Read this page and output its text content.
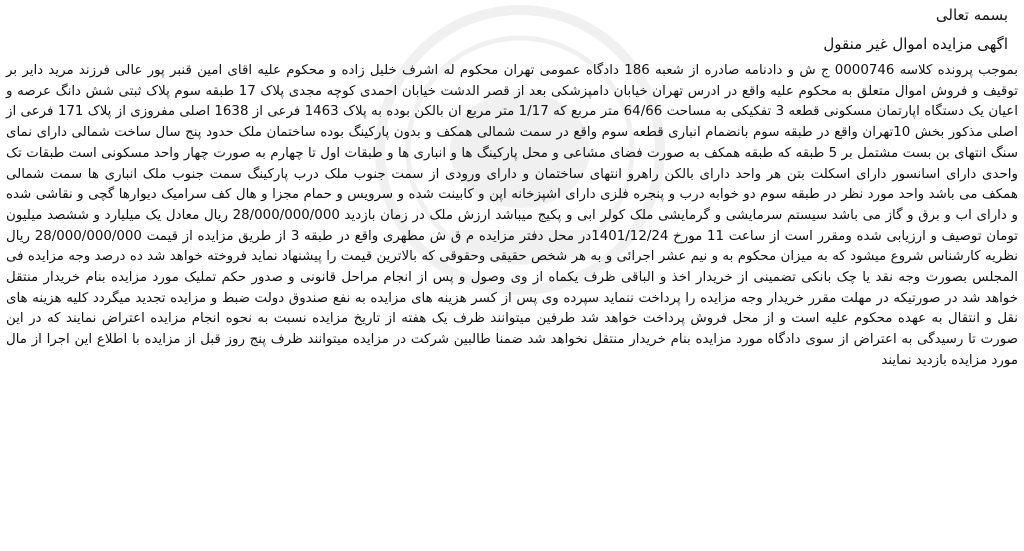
بسمه تعالی
اگهی مزایده اموال غیر منقول
بموجب پرونده کلاسه 0000746 ج ش و دادنامه صادره از شعبه 186 دادگاه عمومی تهران محکوم له اشرف خلیل زاده و محکوم علیه اقای امین قنبر پور عالی فرزند مرید دایر بر توقیف و فروش اموال متعلق به محکوم علیه واقع در ادرس تهران خیابان دامپزشکی بعد از قصر الدشت خیابان احمدی کوچه مجدی پلاک 17 طبقه سوم پلاک ثبتی شش دانگ عرصه و اعیان یک دستگاه اپارتمان مسکونی قطعه 3 تفکیکی به مساحت 64/66 متر مربع که 1/17 متر مربع ان بالکن بوده به پلاک 1463 فرعی از 1638 اصلی مفروزی از پلاک 171 فرعی از اصلی مذکور بخش 10تهران واقع در طبقه سوم بانضمام انباری قطعه سوم واقع در سمت شمالی همکف و بدون پارکینگ بوده ساختمان ملک حدود پنج سال ساخت شمالی دارای نمای سنگ انتهای بن بست مشتمل بر 5 طبقه که طبقه همکف به صورت فضای مشاعی و محل پارکینگ ها و انباری ها و طبقات اول تا چهارم به صورت چهار واحد مسکونی است طبقات تک واحدی دارای اسانسور دارای اسکلت بتن هر واحد دارای بالکن راهرو انتهای ساختمان و دارای ورودی از سمت جنوب ملک درب پارکینگ سمت جنوب ملک انباری ها سمت شمالی همکف می باشد واحد مورد نظر در طبقه سوم دو خوابه درب و پنجره فلزی دارای اشپزخانه اپن و کابینت شده و سرویس و حمام مجزا و هال کف سرامیک دیوارها گچی و نقاشی شده و دارای اب و برق و گاز می باشد سیستم سرمایشی و گرمایشی ملک کولر ابی و پکیج میباشد ارزش ملک در زمان بازدید 28/000/000/000 ریال معادل یک میلیارد و ششصد میلیون تومان توصیف و ارزیابی شده ومقرر است از ساعت 11 مورخ 1401/12/24در محل دفتر مزایده م ق ش مطهری واقع در طبقه 3 از طریق مزایده از قیمت 28/000/000/000 ریال نظریه کارشناس شروع میشود که به میزان محکوم به و نیم عشر اجرائی و به هر شخص حقیقی وحقوقی که بالاترین قیمت را پیشنهاد نماید فروخته خواهد شد ده درصد وجه مزایده فی المجلس بصورت وجه نقد یا چک بانکی تضمینی از خریدار اخذ و الباقی ظرف یکماه از وی وصول و پس از انجام مراحل قانونی و صدور حکم تملیک مورد مزایده بنام خریدار منتقل خواهد شد در صورتیکه در مهلت مقرر خریدار وجه مزایده را پرداخت ننماید سپرده وی پس از کسر هزینه های مزایده به نفع صندوق دولت ضبط و مزایده تجدید میگردد کلیه هزینه های نقل و انتقال به عهده محکوم علیه است و از محل فروش پرداخت خواهد شد طرفین میتوانند ظرف یک هفته از تاریخ مزایده نسبت به نحوه انجام مزایده اعتراض نمایند که در این صورت تا رسیدگی به اعتراض از سوی دادگاه مورد مزایده بنام خریدار منتقل نخواهد شد ضمنا طالبین شرکت در مزایده میتوانند ظرف پنج روز قبل از مزایده با اطلاع این اجرا از مال مورد مزایده بازدید نمایند
